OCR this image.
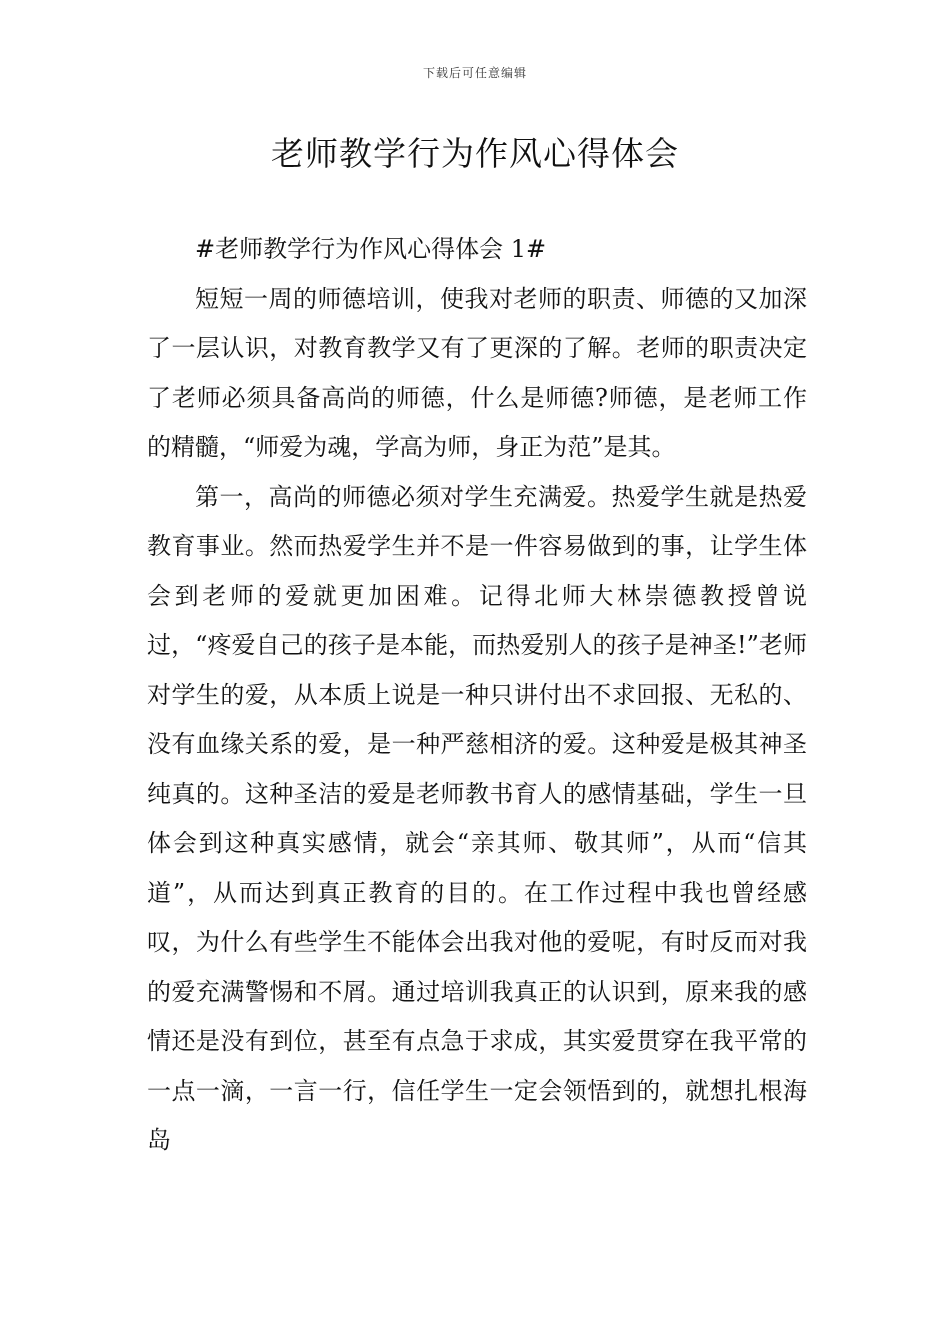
下载后可任意编辑
老师教学行为作风心得体会

#老师教学行为作风心得体会 1#

短短一周的师德培训，使我对老师的职责、师德的又加深了一层认识，对教育教学又有了更深的了解。老师的职责决定了老师必须具备高尚的师德，什么是师德?师德，是老师工作的精髓，“师爱为魂，学高为师，身正为范”是其。

第一，高尚的师德必须对学生充满爱。热爱学生就是热爱教育事业。然而热爱学生并不是一件容易做到的事，让学生体会到老师的爱就更加困难。记得北师大林崇德教授曾说过，“疼爱自己的孩子是本能，而热爱别人的孩子是神圣!”老师对学生的爱，从本质上说是一种只讲付出不求回报、无私的、没有血缘关系的爱，是一种严慈相济的爱。这种爱是极其神圣纯真的。这种圣洁的爱是老师教书育人的感情基础，学生一旦体会到这种真实感情，就会“亲其师、敬其师”，从而“信其道”，从而达到真正教育的目的。在工作过程中我也曾经感叹，为什么有些学生不能体会出我对他的爱呢，有时反而对我的爱充满警惕和不屑。通过培训我真正的认识到，原来我的感情还是没有到位，甚至有点急于求成，其实爱贯穿在我平常的一点一滴，一言一行，信任学生一定会领悟到的，就想扎根海岛
